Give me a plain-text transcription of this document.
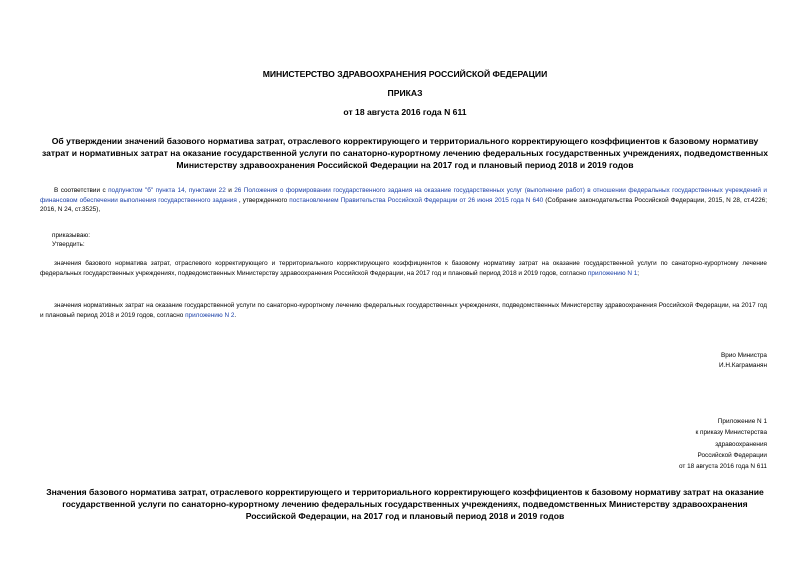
МИНИСТЕРСТВО ЗДРАВООХРАНЕНИЯ РОССИЙСКОЙ ФЕДЕРАЦИИ
ПРИКАЗ
от 18 августа 2016 года N 611
Об утверждении значений базового норматива затрат, отраслевого корректирующего и территориального корректирующего коэффициентов к базовому нормативу затрат и нормативных затрат на оказание государственной услуги по санаторно-курортному лечению федеральных государственных учреждениях, подведомственных Министерству здравоохранения Российской Федерации на 2017 год и плановый период 2018 и 2019 годов
В соответствии с подпунктом "б" пункта 14, пунктами 22 и 26 Положения о формировании государственного задания на оказание государственных услуг (выполнение работ) в отношении федеральных государственных учреждений и финансовом обеспечении выполнения государственного задания , утвержденного постановлением Правительства Российской Федерации от 26 июня 2015 года N 640 (Собрание законодательства Российской Федерации, 2015, N 28, ст.4226; 2016, N 24, ст.3525),
приказываю:
Утвердить:
значения базового норматива затрат, отраслевого корректирующего и территориального корректирующего коэффициентов к базовому нормативу затрат на оказание государственной услуги по санаторно-курортному лечение федеральных государственных учреждениях, подведомственных Министерству здравоохранения Российской Федерации, на 2017 год и плановый период 2018 и 2019 годов, согласно приложению N 1;
значения нормативных затрат на оказание государственной услуги по санаторно-курортному лечению федеральных государственных учреждениях, подведомственных Министерству здравоохранения Российской Федерации, на 2017 год и плановый период 2018 и 2019 годов, согласно приложению N 2.
Врио Министра
И.Н.Каграманян
Приложение N 1
к приказу Министерства
здравоохранения
Российской Федерации
от 18 августа 2016 года N 611
Значения базового норматива затрат, отраслевого корректирующего и территориального корректирующего коэффициентов к базовому нормативу затрат на оказание государственной услуги по санаторно-курортному лечению федеральных государственных учреждениях, подведомственных Министерству здравоохранения Российской Федерации, на 2017 год и плановый период 2018 и 2019 годов
